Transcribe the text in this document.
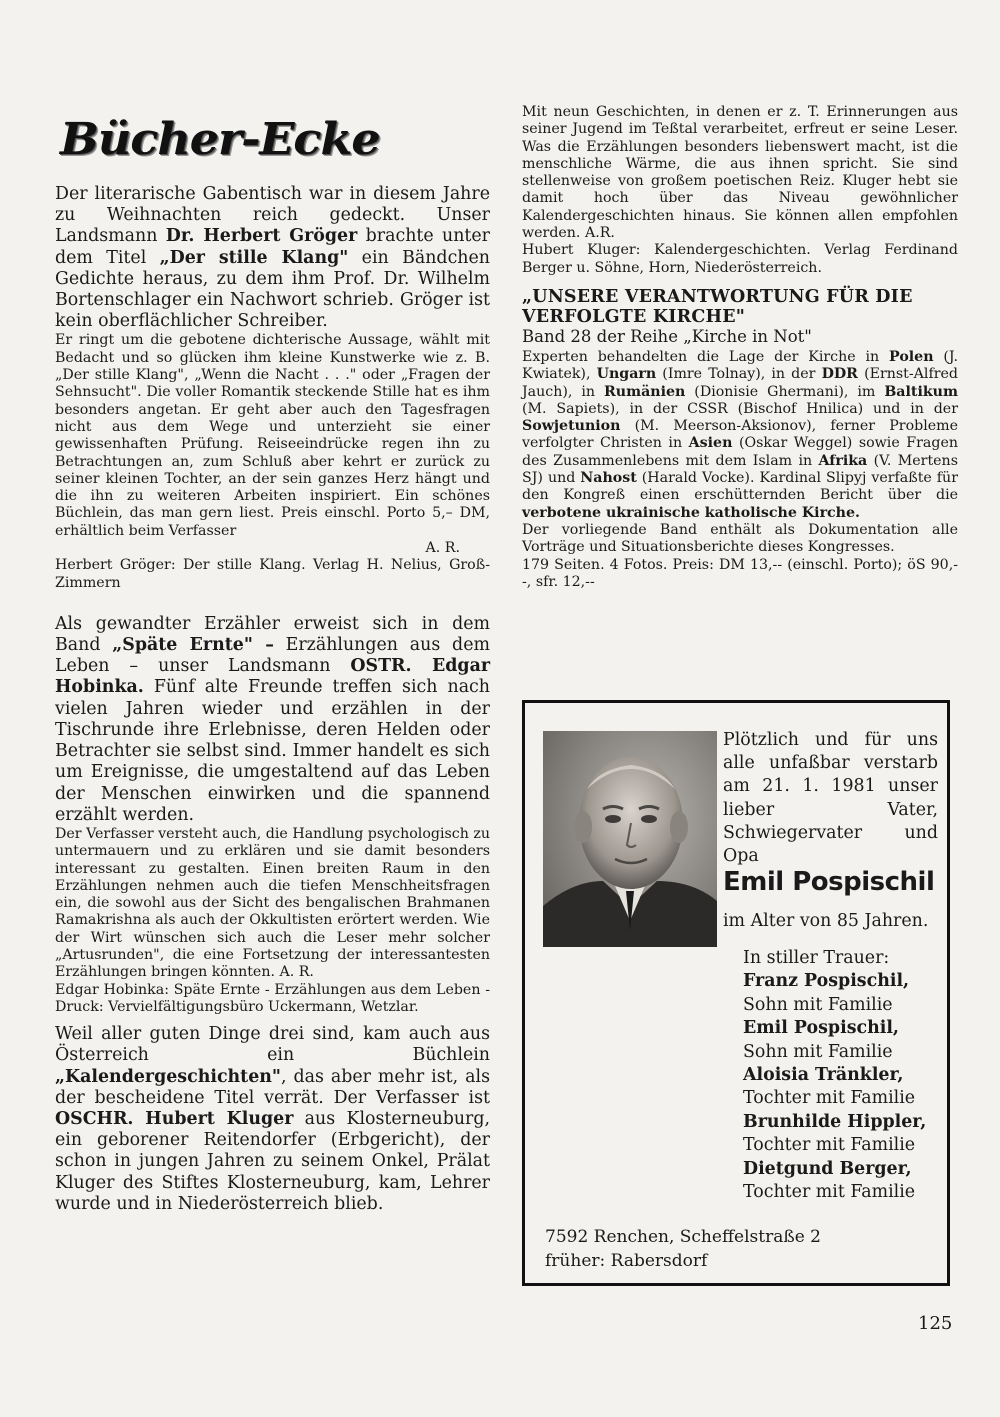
Bücher-Ecke

Der literarische Gabentisch war in diesem Jahre zu Weihnachten reich gedeckt. Unser Landsmann Dr. Herbert Gröger brachte unter dem Titel „Der stille Klang" ein Bändchen Gedichte heraus, zu dem ihm Prof. Dr. Wilhelm Bortenschlager ein Nachwort schrieb. Gröger ist kein oberflächlicher Schreiber.

Er ringt um die gebotene dichterische Aussage, wählt mit Bedacht und so glücken ihm kleine Kunstwerke wie z. B. „Der stille Klang", „Wenn die Nacht . . ." oder „Fragen der Sehnsucht". Die voller Romantik steckende Stille hat es ihm besonders angetan. Er geht aber auch den Tagesfragen nicht aus dem Wege und unterzieht sie einer gewissenhaften Prüfung. Reiseeindrücke regen ihn zu Betrachtungen an, zum Schluß aber kehrt er zurück zu seiner kleinen Tochter, an der sein ganzes Herz hängt und die ihn zu weiteren Arbeiten inspiriert. Ein schönes Büchlein, das man gern liest. Preis einschl. Porto 5,– DM, erhältlich beim Verfasser

A. R.

Herbert Gröger: Der stille Klang. Verlag H. Nelius, Groß-Zimmern

Als gewandter Erzähler erweist sich in dem Band „Späte Ernte" – Erzählungen aus dem Leben – unser Landsmann OSTR. Edgar Hobinka. Fünf alte Freunde treffen sich nach vielen Jahren wieder und erzählen in der Tischrunde ihre Erlebnisse, deren Helden oder Betrachter sie selbst sind. Immer handelt es sich um Ereignisse, die umgestaltend auf das Leben der Menschen einwirken und die spannend erzählt werden.

Der Verfasser versteht auch, die Handlung psychologisch zu untermauern und zu erklären und sie damit besonders interessant zu gestalten. Einen breiten Raum in den Erzählungen nehmen auch die tiefen Menschheitsfragen ein, die sowohl aus der Sicht des bengalischen Brahmanen Ramakrishna als auch der Okkultisten erörtert werden. Wie der Wirt wünschen sich auch die Leser mehr solcher „Artusrunden", die eine Fortsetzung der interessantesten Erzählungen bringen könnten. A. R.

Edgar Hobinka: Späte Ernte - Erzählungen aus dem Leben - Druck: Vervielfältigungsbüro Uckermann, Wetzlar.

Weil aller guten Dinge drei sind, kam auch aus Österreich ein Büchlein „Kalendergeschichten", das aber mehr ist, als der bescheidene Titel verrät. Der Verfasser ist OSCHR. Hubert Kluger aus Klosterneuburg, ein geborener Reitendorfer (Erbgericht), der schon in jungen Jahren zu seinem Onkel, Prälat Kluger des Stiftes Klosterneuburg, kam, Lehrer wurde und in Niederösterreich blieb.

Mit neun Geschichten, in denen er z. T. Erinnerungen aus seiner Jugend im Teßtal verarbeitet, erfreut er seine Leser. Was die Erzählungen besonders liebenswert macht, ist die menschliche Wärme, die aus ihnen spricht. Sie sind stellenweise von großem poetischen Reiz. Kluger hebt sie damit hoch über das Niveau gewöhnlicher Kalendergeschichten hinaus. Sie können allen empfohlen werden. A.R.

Hubert Kluger: Kalendergeschichten. Verlag Ferdinand Berger u. Söhne, Horn, Niederösterreich.

„UNSERE VERANTWORTUNG FÜR DIE VERFOLGTE KIRCHE"

Band 28 der Reihe „Kirche in Not"

Experten behandelten die Lage der Kirche in Polen (J. Kwiatek), Ungarn (Imre Tolnay), in der DDR (Ernst-Alfred Jauch), in Rumänien (Dionisie Ghermani), im Baltikum (M. Sapiets), in der CSSR (Bischof Hnilica) und in der Sowjetunion (M. Meerson-Aksionov), ferner Probleme verfolgter Christen in Asien (Oskar Weggel) sowie Fragen des Zusammenlebens mit dem Islam in Afrika (V. Mertens SJ) und Nahost (Harald Vocke). Kardinal Slipyj verfaßte für den Kongreß einen erschütternden Bericht über die verbotene ukrainische katholische Kirche.

Der vorliegende Band enthält als Dokumentation alle Vorträge und Situationsberichte dieses Kongresses.

179 Seiten. 4 Fotos. Preis: DM 13,-- (einschl. Porto); öS 90,--, sfr. 12,--

Plötzlich und für uns alle unfaßbar verstarb am 21. 1. 1981 unser lieber Vater, Schwiegervater und Opa

Emil Pospischil

im Alter von 85 Jahren.

In stiller Trauer:
Franz Pospischil,
Sohn mit Familie
Emil Pospischil,
Sohn mit Familie
Aloisia Tränkler,
Tochter mit Familie
Brunhilde Hippler,
Tochter mit Familie
Dietgund Berger,
Tochter mit Familie

7592 Renchen, Scheffelstraße 2
früher: Rabersdorf

125
